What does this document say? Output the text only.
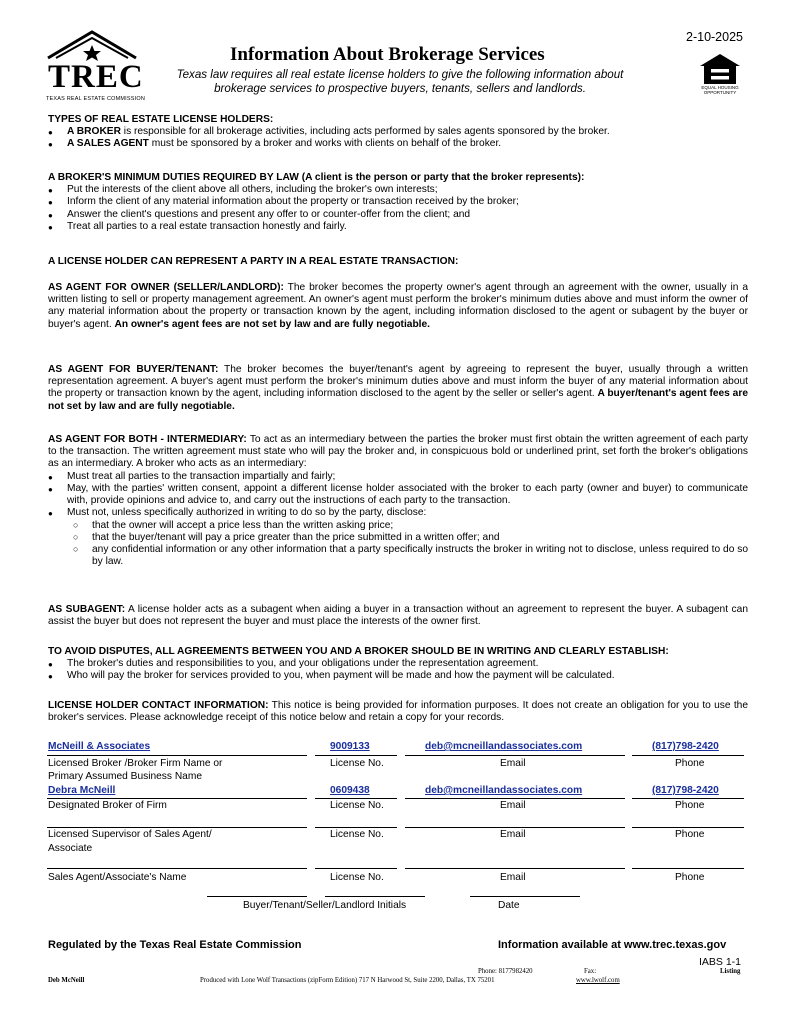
TREC
TEXAS REAL ESTATE COMMISSION
Information About Brokerage Services
Texas law requires all real estate license holders to give the following information about brokerage services to prospective buyers, tenants, sellers and landlords.
2-10-2025
EQUAL HOUSING OPPORTUNITY
TYPES OF REAL ESTATE LICENSE HOLDERS:
● A BROKER is responsible for all brokerage activities, including acts performed by sales agents sponsored by the broker.
● A SALES AGENT must be sponsored by a broker and works with clients on behalf of the broker.
A BROKER'S MINIMUM DUTIES REQUIRED BY LAW (A client is the person or party that the broker represents):
● Put the interests of the client above all others, including the broker's own interests;
● Inform the client of any material information about the property or transaction received by the broker;
● Answer the client's questions and present any offer to or counter-offer from the client; and
● Treat all parties to a real estate transaction honestly and fairly.
A LICENSE HOLDER CAN REPRESENT A PARTY IN A REAL ESTATE TRANSACTION:

AS AGENT FOR OWNER (SELLER/LANDLORD): The broker becomes the property owner's agent through an agreement with the owner, usually in a written listing to sell or property management agreement. An owner's agent must perform the broker's minimum duties above and must inform the owner of any material information about the property or transaction known by the agent, including information disclosed to the agent or subagent by the buyer or buyer's agent. An owner's agent fees are not set by law and are fully negotiable.

AS AGENT FOR BUYER/TENANT: The broker becomes the buyer/tenant's agent by agreeing to represent the buyer, usually through a written representation agreement. A buyer's agent must perform the broker's minimum duties above and must inform the buyer of any material information about the property or transaction known by the agent, including information disclosed to the agent by the seller or seller's agent. A buyer/tenant's agent fees are not set by law and are fully negotiable.

AS AGENT FOR BOTH - INTERMEDIARY: To act as an intermediary between the parties the broker must first obtain the written agreement of each party to the transaction. The written agreement must state who will pay the broker and, in conspicuous bold or underlined print, set forth the broker's obligations as an intermediary. A broker who acts as an intermediary:

● Must treat all parties to the transaction impartially and fairly;
● May, with the parties' written consent, appoint a different license holder associated with the broker to each party (owner and buyer) to communicate with, provide opinions and advice to, and carry out the instructions of each party to the transaction.
● Must not, unless specifically authorized in writing to do so by the party, disclose:
○ that the owner will accept a price less than the written asking price;
○ that the buyer/tenant will pay a price greater than the price submitted in a written offer; and
○ any confidential information or any other information that a party specifically instructs the broker in writing not to disclose, unless required to do so by law.

AS SUBAGENT: A license holder acts as a subagent when aiding a buyer in a transaction without an agreement to represent the buyer. A subagent can assist the buyer but does not represent the buyer and must place the interests of the owner first.

TO AVOID DISPUTES, ALL AGREEMENTS BETWEEN YOU AND A BROKER SHOULD BE IN WRITING AND CLEARLY ESTABLISH:
● The broker's duties and responsibilities to you, and your obligations under the representation agreement.
● Who will pay the broker for services provided to you, when payment will be made and how the payment will be calculated.

LICENSE HOLDER CONTACT INFORMATION: This notice is being provided for information purposes. It does not create an obligation for you to use the broker's services. Please acknowledge receipt of this notice below and retain a copy for your records.

McNeill & Associates	9009133	deb@mcneillandassociates.com	(817)798-2420
Licensed Broker /Broker Firm Name or
Primary Assumed Business Name
License No.	Email	Phone
Debra McNeill	0609438	deb@mcneillandassociates.com	(817)798-2420
Designated Broker of Firm	License No.	Email	Phone
Licensed Supervisor of Sales Agent/
Associate
License No.	Email	Phone
Sales Agent/Associate's Name	License No.	Email	Phone
Buyer/Tenant/Seller/Landlord Initials	Date
Regulated by the Texas Real Estate Commission	Information available at www.trec.texas.gov
IABS 1-1
Phone: 8177982420	Fax:	Listing
Deb McNeill	Produced with Lone Wolf Transactions (zipForm Edition) 717 N Harwood St, Suite 2200, Dallas, TX 75201	www.lwolf.com
